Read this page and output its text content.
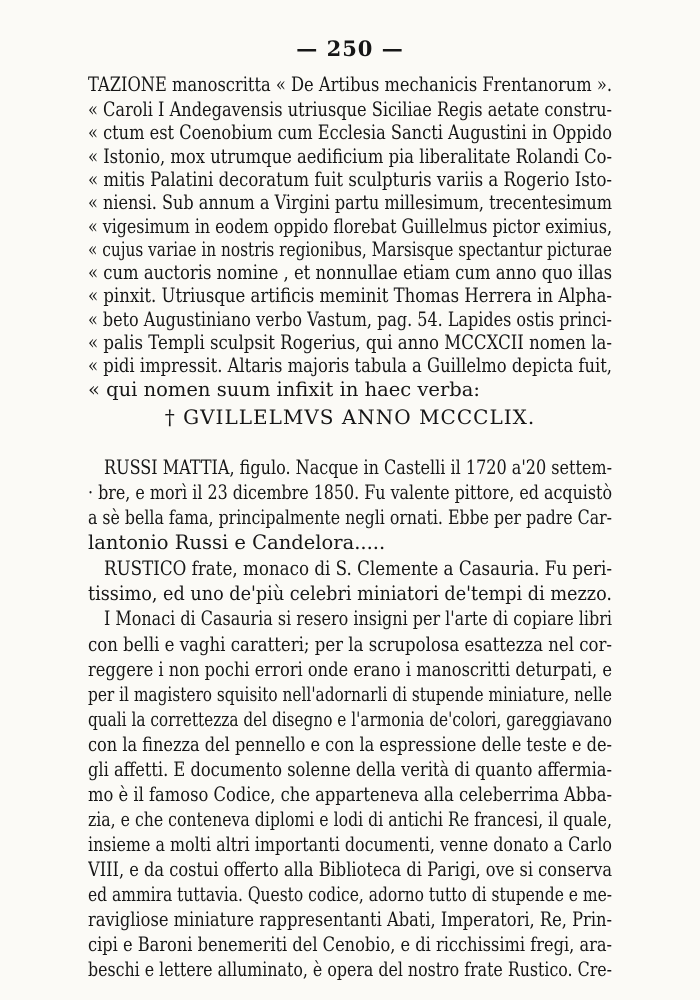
— 250 —
TAZIONE manoscritta « De Artibus mechanicis Frentanorum ».
« Caroli I Andegavensis utriusque Siciliae Regis aetate constru-
« ctum est Coenobium cum Ecclesia Sancti Augustini in Oppido
« Istonio, mox utrumque aedificium pia liberalitate Rolandi Co-
« mitis Palatini decoratum fuit sculpturis variis a Rogerio Isto-
« niensi. Sub annum a Virgini partu millesimum, trecentesimum
« vigesimum in eodem oppido florebat Guillelmus pictor eximius,
« cujus variae in nostris regionibus, Marsisque spectantur picturae
« cum auctoris nomine , et nonnullae etiam cum anno quo illas
« pinxit. Utriusque artificis meminit Thomas Herrera in Alpha-
« beto Augustiniano verbo Vastum, pag. 54. Lapides ostis princi-
« palis Templi sculpsit Rogerius, qui anno MCCXCII nomen la-
« pidi impressit. Altaris majoris tabula a Guillelmo depicta fuit,
« qui nomen suum infixit in haec verba:
† GVILLELMVS ANNO MCCCLIX.
RUSSI MATTIA, figulo. Nacque in Castelli il 1720 a'20 settem-
· bre, e morì il 23 dicembre 1850. Fu valente pittore, ed acquistò
a sè bella fama, principalmente negli ornati. Ebbe per padre Car-
lantonio Russi e Candelora.....
RUSTICO frate, monaco di S. Clemente a Casauria. Fu peri-
tissimo, ed uno de'più celebri miniatori de'tempi di mezzo.
I Monaci di Casauria si resero insigni per l'arte di copiare libri
con belli e vaghi caratteri; per la scrupolosa esattezza nel cor-
reggere i non pochi errori onde erano i manoscritti deturpati, e
per il magistero squisito nell'adornarli di stupende miniature, nelle
quali la correttezza del disegno e l'armonia de'colori, gareggiavano
con la finezza del pennello e con la espressione delle teste e de-
gli affetti. E documento solenne della verità di quanto affermia-
mo è il famoso Codice, che apparteneva alla celeberrima Abba-
zia, e che conteneva diplomi e lodi di antichi Re francesi, il quale,
insieme a molti altri importanti documenti, venne donato a Carlo
VIII, e da costui offerto alla Biblioteca di Parigi, ove si conserva
ed ammira tuttavia. Questo codice, adorno tutto di stupende e me-
ravigliose miniature rappresentanti Abati, Imperatori, Re, Prin-
cipi e Baroni benemeriti del Cenobio, e di ricchissimi fregi, ara-
beschi e lettere alluminato, è opera del nostro frate Rustico. Cre-
